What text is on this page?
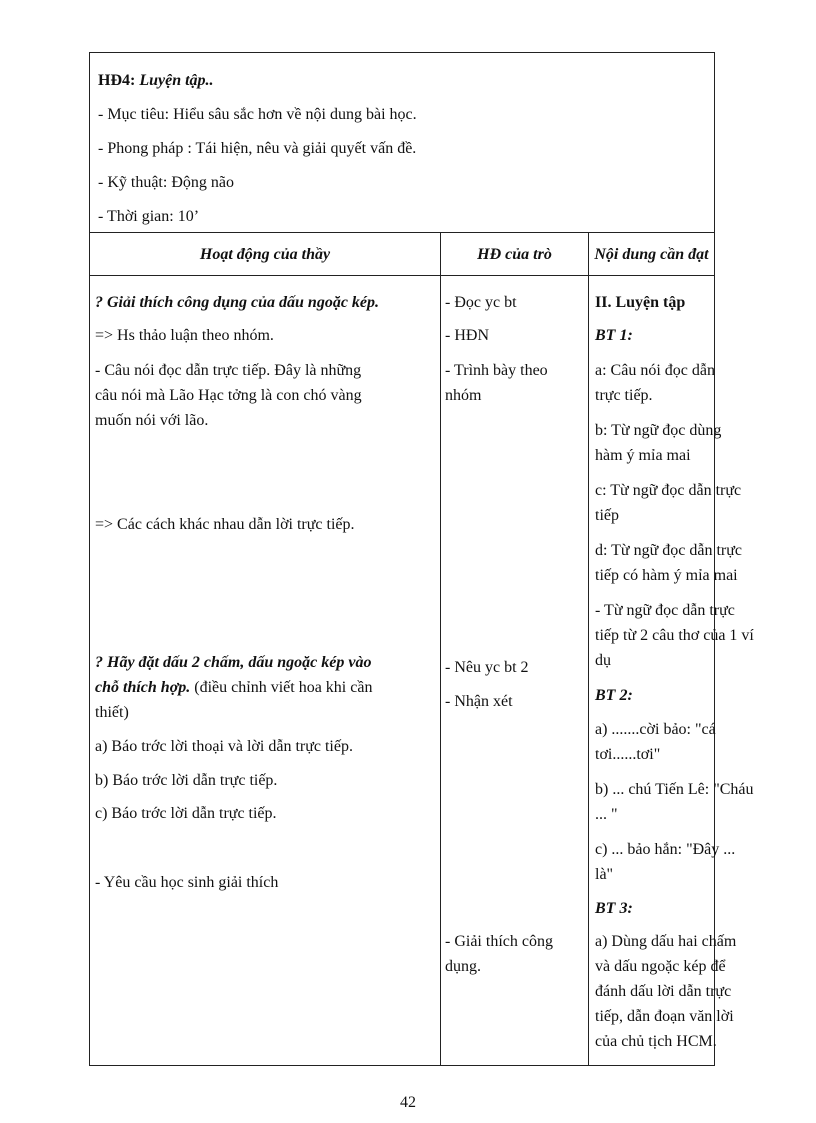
HĐ4: Luyện tập..
- Mục tiêu: Hiểu sâu sắc hơn về nội dung bài học.
- Phong pháp : Tái hiện, nêu và giải quyết vấn đề.
- Kỹ thuật: Động não
- Thời gian: 10’
Hoạt động của thầy	HĐ của trò	Nội dung cần đạt
? Giải thích công dụng của dấu ngoặc kép.
=> Hs thảo luận theo nhóm.
- Câu nói đọc dẫn trực tiếp. Đây là những
câu nói mà Lão Hạc tởng là con chó vàng
muốn nói với lão.
=> Các cách khác nhau dẫn lời trực tiếp.
? Hãy đặt dấu 2 chấm, dấu ngoặc kép vào
chỗ thích hợp. (điều chỉnh viết hoa khi cần
thiết)
a) Báo trớc lời thoại và lời dẫn trực tiếp.
b) Báo trớc lời dẫn trực tiếp.
c) Báo trớc lời dẫn trực tiếp.
- Yêu cầu học sinh giải thích
- Đọc yc bt
- HĐN
- Trình bày theo
nhóm
- Nêu yc bt 2
- Nhận xét
- Giải thích công
dụng.
II. Luyện tập
BT 1:
a: Câu nói đọc dẫn
trực tiếp.
b: Từ ngữ đọc dùng
hàm ý mỉa mai
c: Từ ngữ đọc dẫn trực
tiếp
d: Từ ngữ đọc dẫn trực
tiếp có hàm ý mỉa mai
- Từ ngữ đọc dẫn trực
tiếp từ 2 câu thơ của 1 ví
dụ
BT 2:
a) .......cời bảo: "cá
tơi......tơi"
b) ... chú Tiến Lê: "Cháu
... "
c) ... bảo hắn: "Đây ...
là"
BT 3:
a) Dùng dấu hai chấm
và dấu ngoặc kép để
đánh dấu lời dẫn trực
tiếp, dẫn đoạn văn lời
của chủ tịch HCM.
42
